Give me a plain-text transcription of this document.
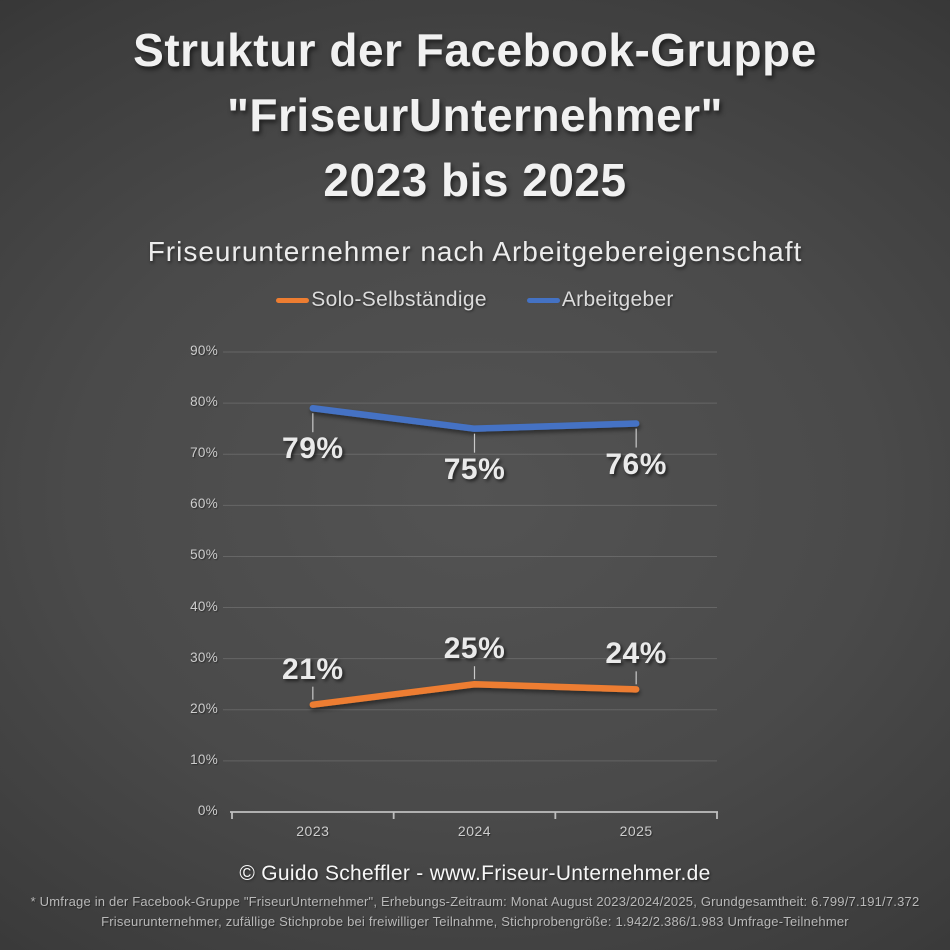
Struktur der Facebook-Gruppe
"FriseurUnternehmer"
2023 bis 2025
Friseurunternehmer nach Arbeitgebereigenschaft
Solo-Selbständige	Arbeitgeber
0%
10%
20%
30%
40%
50%
60%
70%
80%
90%
2023	2024	2025
21%
25%	24%
79%
75%	76%
© Guido Scheffler - www.Friseur-Unternehmer.de
* Umfrage in der Facebook-Gruppe "FriseurUnternehmer", Erhebungs-Zeitraum: Monat August 2023/2024/2025, Grundgesamtheit: 6.799/7.191/7.372
Friseurunternehmer, zufällige Stichprobe bei freiwilliger Teilnahme, Stichprobengröße: 1.942/2.386/1.983 Umfrage-Teilnehmer
